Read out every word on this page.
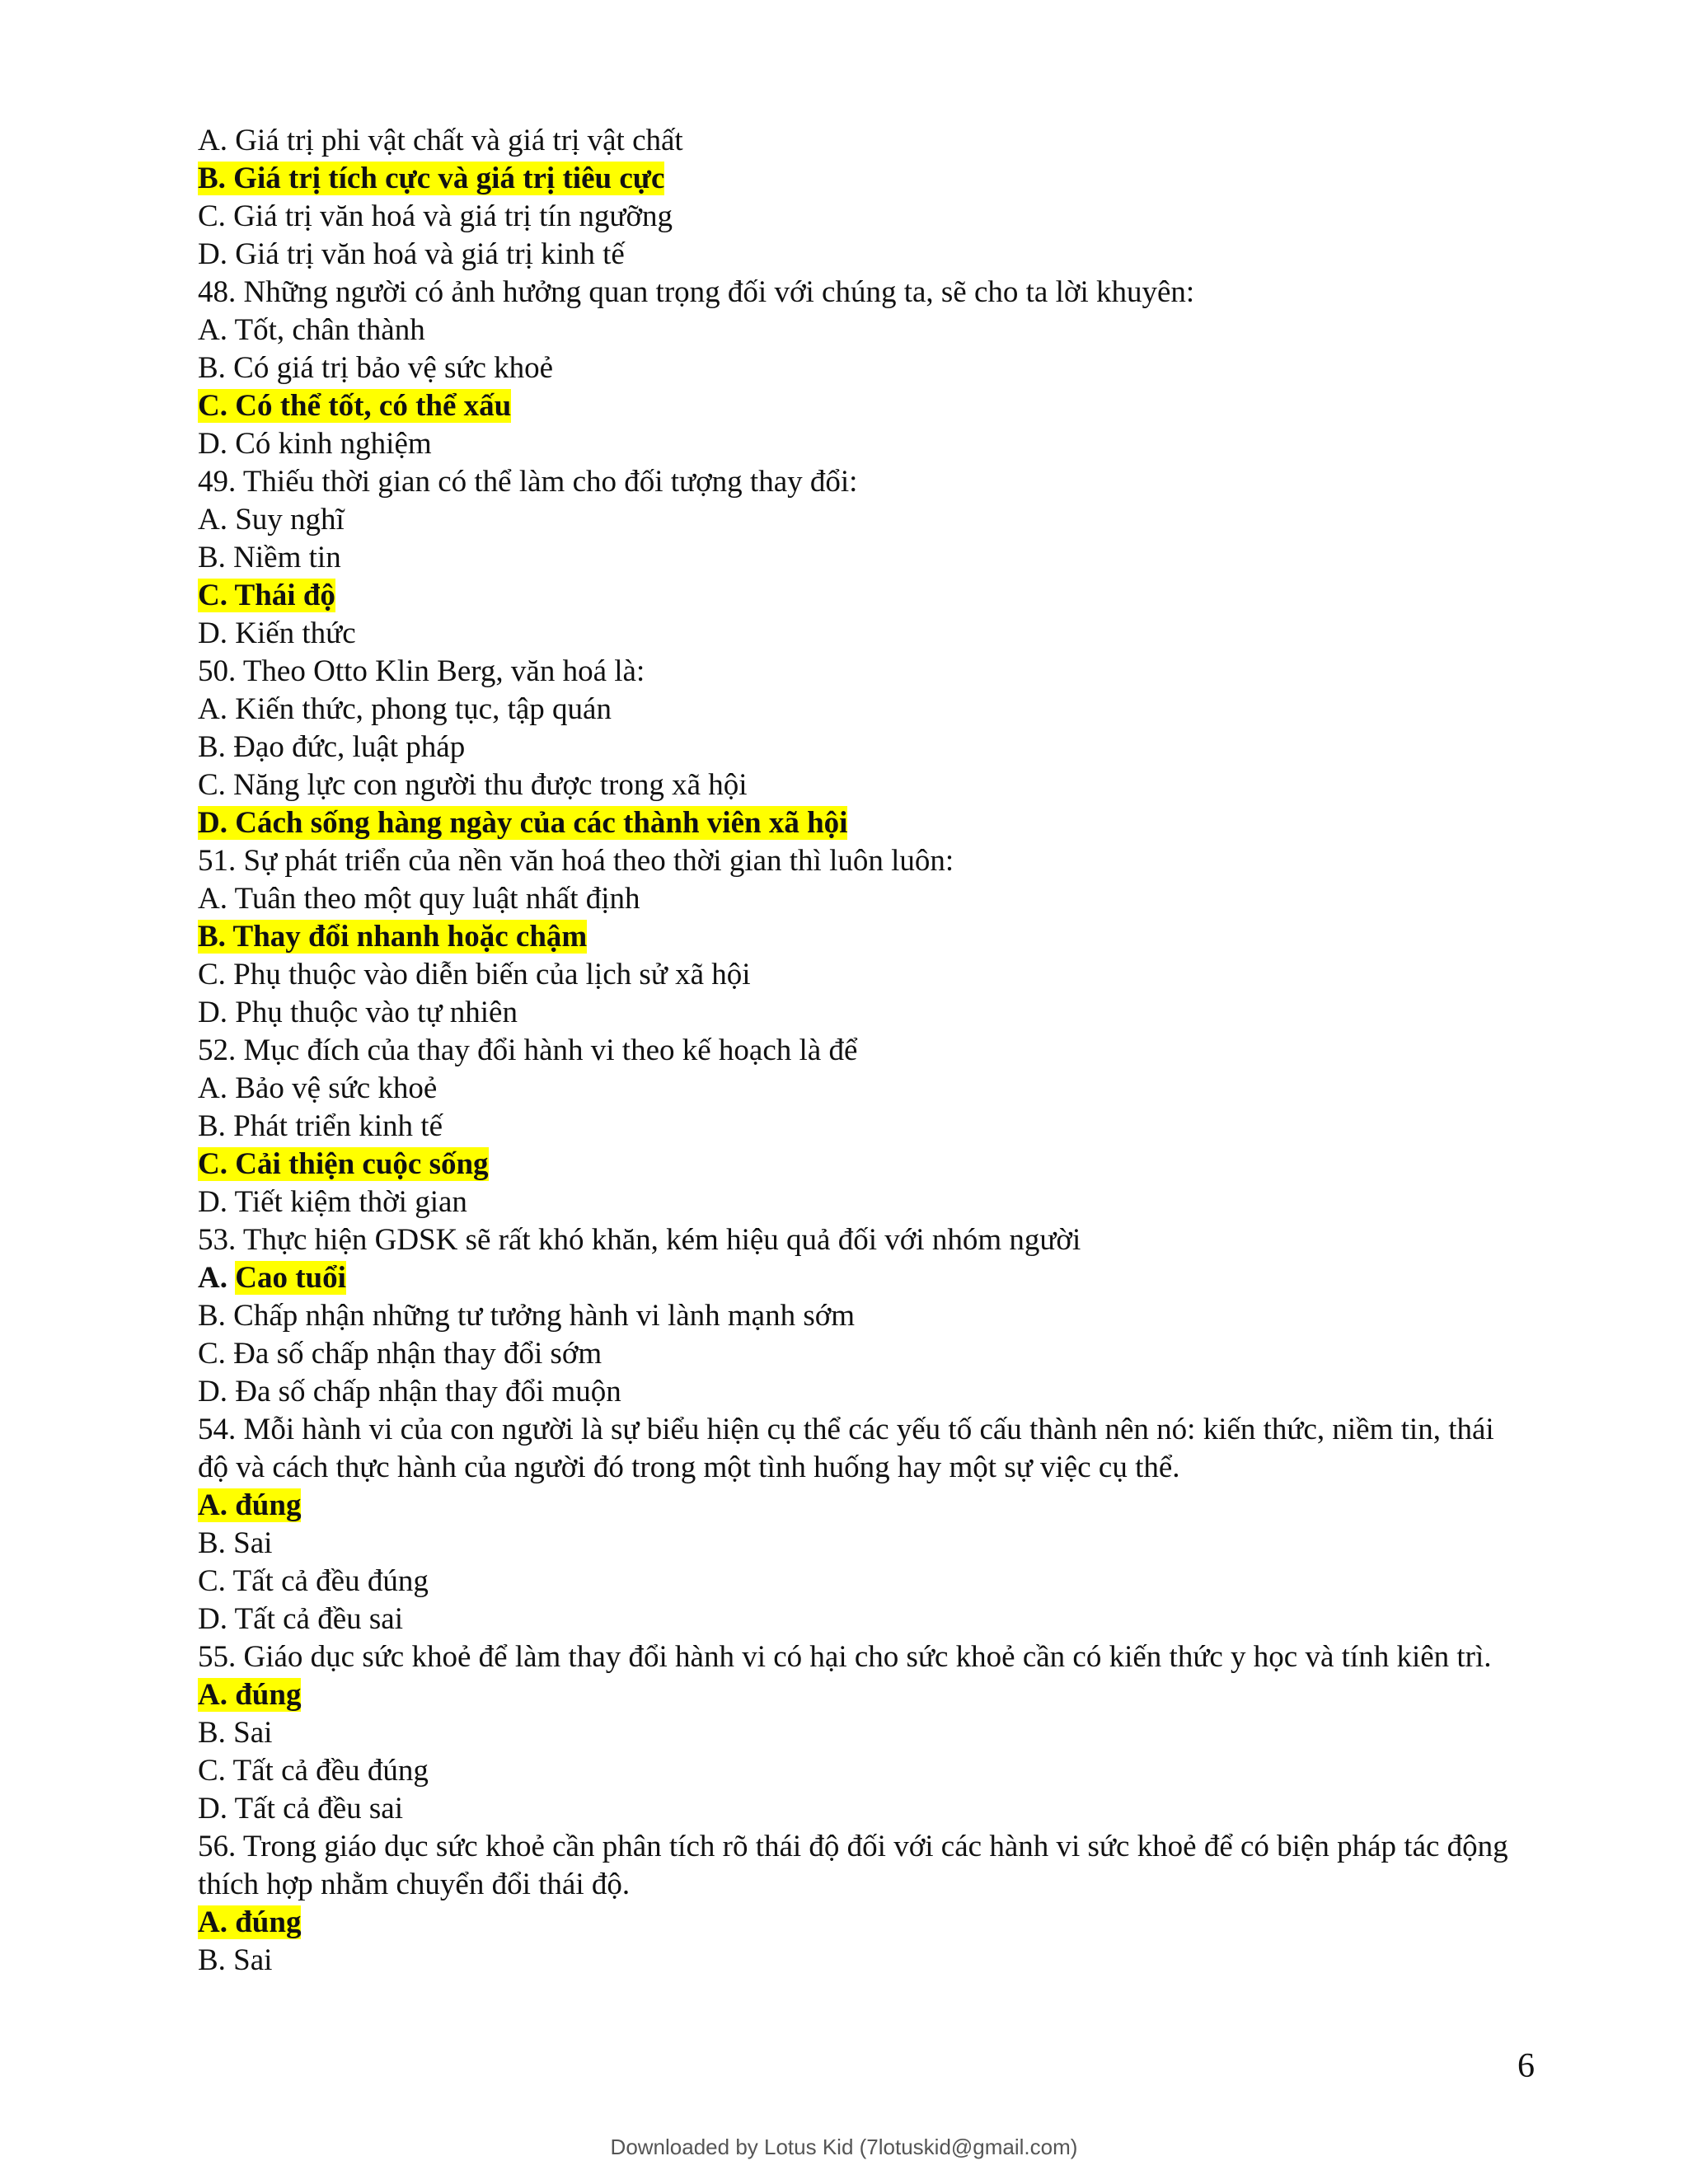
A. Giá trị phi vật chất và giá trị vật chất
B. Giá trị tích cực và giá trị tiêu cực
C. Giá trị văn hoá và giá trị tín ngưỡng
D. Giá trị văn hoá và giá trị kinh tế
48. Những người có ảnh hưởng quan trọng đối với chúng ta, sẽ cho ta lời khuyên:
A. Tốt, chân thành
B. Có giá trị bảo vệ sức khoẻ
C. Có thể tốt, có thể xấu
D. Có kinh nghiệm
49. Thiếu thời gian có thể làm cho đối tượng thay đổi:
A. Suy nghĩ
B. Niềm tin
C. Thái độ
D. Kiến thức
50. Theo Otto Klin Berg, văn hoá là:
A. Kiến thức, phong tục, tập quán
B. Đạo đức, luật pháp
C. Năng lực con người thu được trong xã hội
D. Cách sống hàng ngày của các thành viên xã hội
51. Sự phát triển của nền văn hoá theo thời gian thì luôn luôn:
A. Tuân theo một quy luật nhất định
B. Thay đổi nhanh hoặc chậm
C. Phụ thuộc vào diễn biến của lịch sử xã hội
D. Phụ thuộc vào tự nhiên
52. Mục đích của thay đổi hành vi theo kế hoạch là để
A. Bảo vệ sức khoẻ
B. Phát triển kinh tế
C. Cải thiện cuộc sống
D. Tiết kiệm thời gian
53. Thực hiện GDSK sẽ rất khó khăn, kém hiệu quả đối với nhóm người
A. Cao tuổi
B. Chấp nhận những tư tưởng hành vi lành mạnh sớm
C. Đa số chấp nhận thay đổi sớm
D. Đa số chấp nhận thay đổi muộn
54. Mỗi hành vi của con người là sự biểu hiện cụ thể các yếu tố cấu thành nên nó: kiến thức, niềm tin, thái độ và cách thực hành của người đó trong một tình huống hay một sự việc cụ thể.
A. đúng
B. Sai
C. Tất cả đều đúng
D. Tất cả đều sai
55. Giáo dục sức khoẻ để làm thay đổi hành vi có hại cho sức khoẻ cần có kiến thức y học và tính kiên trì.
A. đúng
B. Sai
C. Tất cả đều đúng
D. Tất cả đều sai
56. Trong giáo dục sức khoẻ cần phân tích rõ thái độ đối với các hành vi sức khoẻ để có biện pháp tác động thích hợp nhằm chuyển đổi thái độ.
A. đúng
B. Sai
6
Downloaded by Lotus Kid (7lotuskid@gmail.com)
